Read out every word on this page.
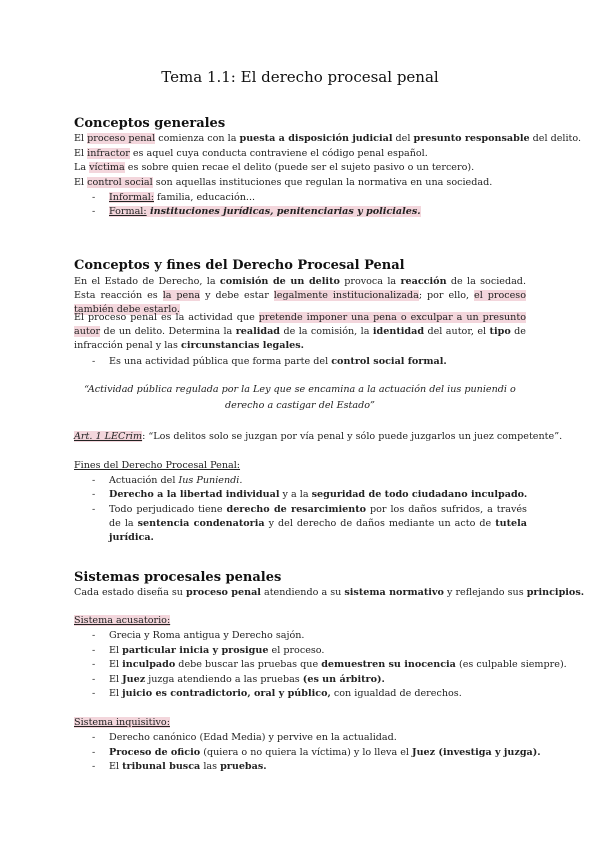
Tema 1.1: El derecho procesal penal
Conceptos generales
El proceso penal comienza con la puesta a disposición judicial del presunto responsable del delito.
El infractor es aquel cuya conducta contraviene el código penal español.
La víctima es sobre quien recae el delito (puede ser el sujeto pasivo o un tercero).
El control social son aquellas instituciones que regulan la normativa en una sociedad.
- Informal: familia, educación...
- Formal: instituciones jurídicas, penitenciarias y policiales.
Conceptos y fines del Derecho Procesal Penal
En el Estado de Derecho, la comisión de un delito provoca la reacción de la sociedad. Esta reacción es la pena y debe estar legalmente institucionalizada; por ello, el proceso también debe estarlo.
El proceso penal es la actividad que pretende imponer una pena o exculpar a un presunto autor de un delito. Determina la realidad de la comisión, la identidad del autor, el tipo de infracción penal y las circunstancias legales.
- Es una actividad pública que forma parte del control social formal.
“Actividad pública regulada por la Ley que se encamina a la actuación del ius puniendi o derecho a castigar del Estado”
Art. 1 LECrim: “Los delitos solo se juzgan por vía penal y sólo puede juzgarlos un juez competente”.
Fines del Derecho Procesal Penal:
- Actuación del Ius Puniendi.
- Derecho a la libertad individual y a la seguridad de todo ciudadano inculpado.
- Todo perjudicado tiene derecho de resarcimiento por los daños sufridos, a través de la sentencia condenatoria y del derecho de daños mediante un acto de tutela jurídica.
Sistemas procesales penales
Cada estado diseña su proceso penal atendiendo a su sistema normativo y reflejando sus principios.
Sistema acusatorio:
- Grecia y Roma antigua y Derecho sajón.
- El particular inicia y prosigue el proceso.
- El inculpado debe buscar las pruebas que demuestren su inocencia (es culpable siempre).
- El Juez juzga atendiendo a las pruebas (es un árbitro).
- El juicio es contradictorio, oral y público, con igualdad de derechos.
Sistema inquisitivo:
- Derecho canónico (Edad Media) y pervive en la actualidad.
- Proceso de oficio (quiera o no quiera la víctima) y lo lleva el Juez (investiga y juzga).
- El tribunal busca las pruebas.
